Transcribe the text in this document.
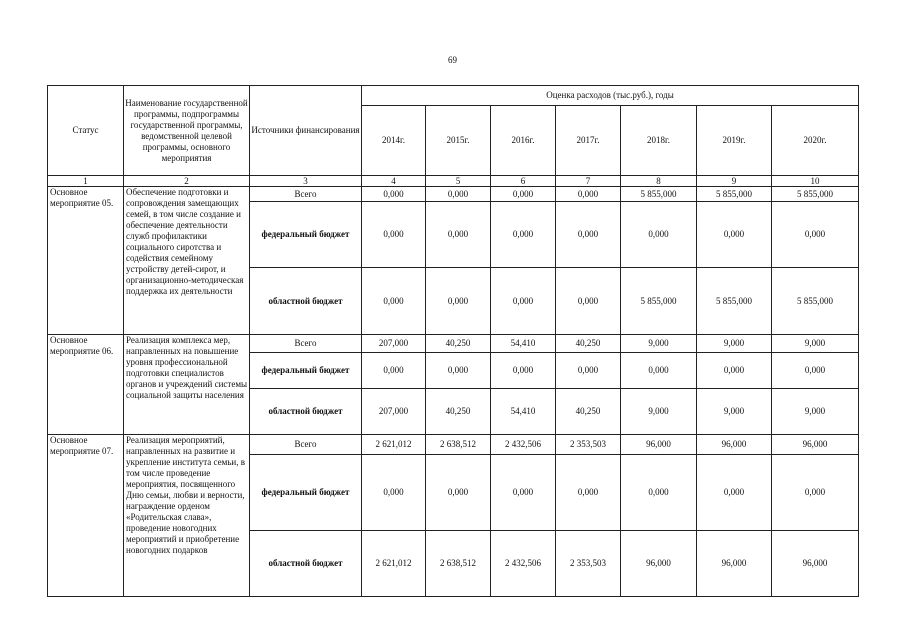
69
Статус	Наименование государственной программы, подпрограммы государственной программы, ведомственной целевой программы, основного мероприятия	Источники финансирования	Оценка расходов (тыс.руб.), годы						
			2014г.	2015г.	2016г.	2017г.	2018г.	2019г.	2020г.
1	2	3	4	5	6	7	8	9	10
Основное мероприятие 05.	Обеспечение подготовки и сопровождения замещающих семей, в том числе создание и обеспечение деятельности служб профилактики социального сиротства и содействия семейному устройству детей-сирот, и организационно-методическая поддержка их деятельности	Всего	0,000	0,000	0,000	0,000	5 855,000	5 855,000	5 855,000
		федеральный бюджет	0,000	0,000	0,000	0,000	0,000	0,000	0,000
		областной бюджет	0,000	0,000	0,000	0,000	5 855,000	5 855,000	5 855,000
Основное мероприятие 06.	Реализация комплекса мер, направленных на повышение уровня профессиональной подготовки специалистов органов и учреждений системы социальной защиты населения	Всего	207,000	40,250	54,410	40,250	9,000	9,000	9,000
		федеральный бюджет	0,000	0,000	0,000	0,000	0,000	0,000	0,000
		областной бюджет	207,000	40,250	54,410	40,250	9,000	9,000	9,000
Основное мероприятие 07.	Реализация мероприятий, направленных на развитие и укрепление института семьи, в том числе проведение мероприятия, посвященного Дню семьи, любви и верности, награждение орденом «Родительская слава», проведение новогодних мероприятий и приобретение новогодних подарков	Всего	2 621,012	2 638,512	2 432,506	2 353,503	96,000	96,000	96,000
		федеральный бюджет	0,000	0,000	0,000	0,000	0,000	0,000	0,000
		областной бюджет	2 621,012	2 638,512	2 432,506	2 353,503	96,000	96,000	96,000
